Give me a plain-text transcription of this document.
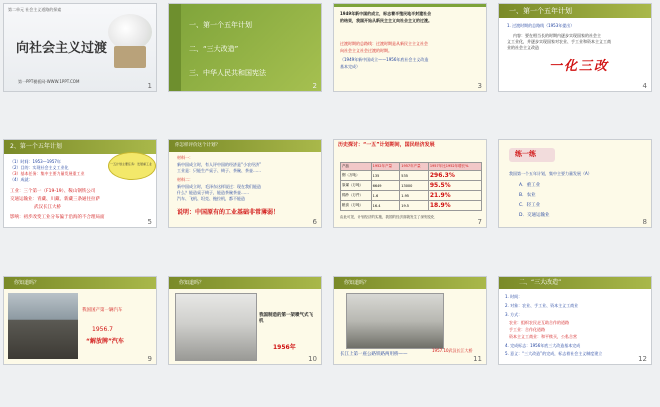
第二单元 社会主义道路的探索
向社会主义过渡
第一PPT模板网-WWW.1PPT.COM
1
一、第一个五年计划
二、“三大改造”
三、中华人民共和国宪法
2
1949年新中国的成立，标志着半殖民地半封建社会
的结束，我国开始从新民主主义向社会主义的过渡。
过渡时期的总路线：过渡时期是从新民主主义社会
向社会主义社会过渡的时期。
（1949年新中国成立——1956年底社会主义改造
基本完成）
3
一、第一个五年计划
1. 过渡时期的总路线（1953年提出）
内容：要在相当长的时期内逐步实现国家的社会主
义工业化，并逐步实现国家对农业、手工业和资本主义工商
业的社会主义改造
一化三改
4
2、第一个五年计划
一五计划主要任务：发展重工业
（1）时间：1953—1957年
（2）目的：实现社会主义工业化
（3）基本任务：集中主要力量发展重工业
（4）成就：
工业：三个第一（F19-19）、鞍山钢铁公司
交通运输业：青藏、川藏、新藏三条通往拉萨
武汉长江大桥
影响：初步改变工业分布偏于沿海的不合理局面
5
你怎样评价这个计划？
材料一：
新中国成立时，有人评中国的经济是“小农经济”
工业是：只能生产桌子、椅子、茶碗、茶壶……
材料二：
新中国成立时，毛泽东这样说过：现在我们能造
什么？能造桌子椅子，能造茶碗茶壶……
汽车、飞机、坦克、拖拉机，都不能造
说明：中国原有的工业基础非常薄弱！
6
历史探讨：“一五”计划期间，国民经济发展
产品	1952年产量	1957年产量	1957年比1952年增长%
钢（万吨）	135	535	296.3%
原煤（万吨）	6649	13000	95.5%
棉纱（万件）	1.6	1.95	21.9%
粮食（万吨）	16.4	19.5	18.9%
由此可见，计划经济的实施，我国的经济面貌发生了深刻变化
7
练一练
我国第一个五年计划，集中主要力量发展（A）
A．重工业
B．农业
C．轻工业
D．交通运输业
8
你知道吗？
我国国产第一辆汽车
1956.7
“解放牌”汽车
9
你知道吗？
我国制造的第一架喷气式飞机
1956年
10
你知道吗？
长江上第一座公路铁路两用桥——
1957.10武汉长江大桥
11
二、“三大改造”
1. 时间：
2. 对象：农业、手工业、资本主义工商业
3. 方式：
农业：组织农民走互助合作的道路
手工业：合作化道路
资本主义工商业：和平赎买，公私合营
4. 完成标志：1956年底三大改造基本完成
5. 意义：“三大改造”的完成，标志着社会主义制度建立
12
